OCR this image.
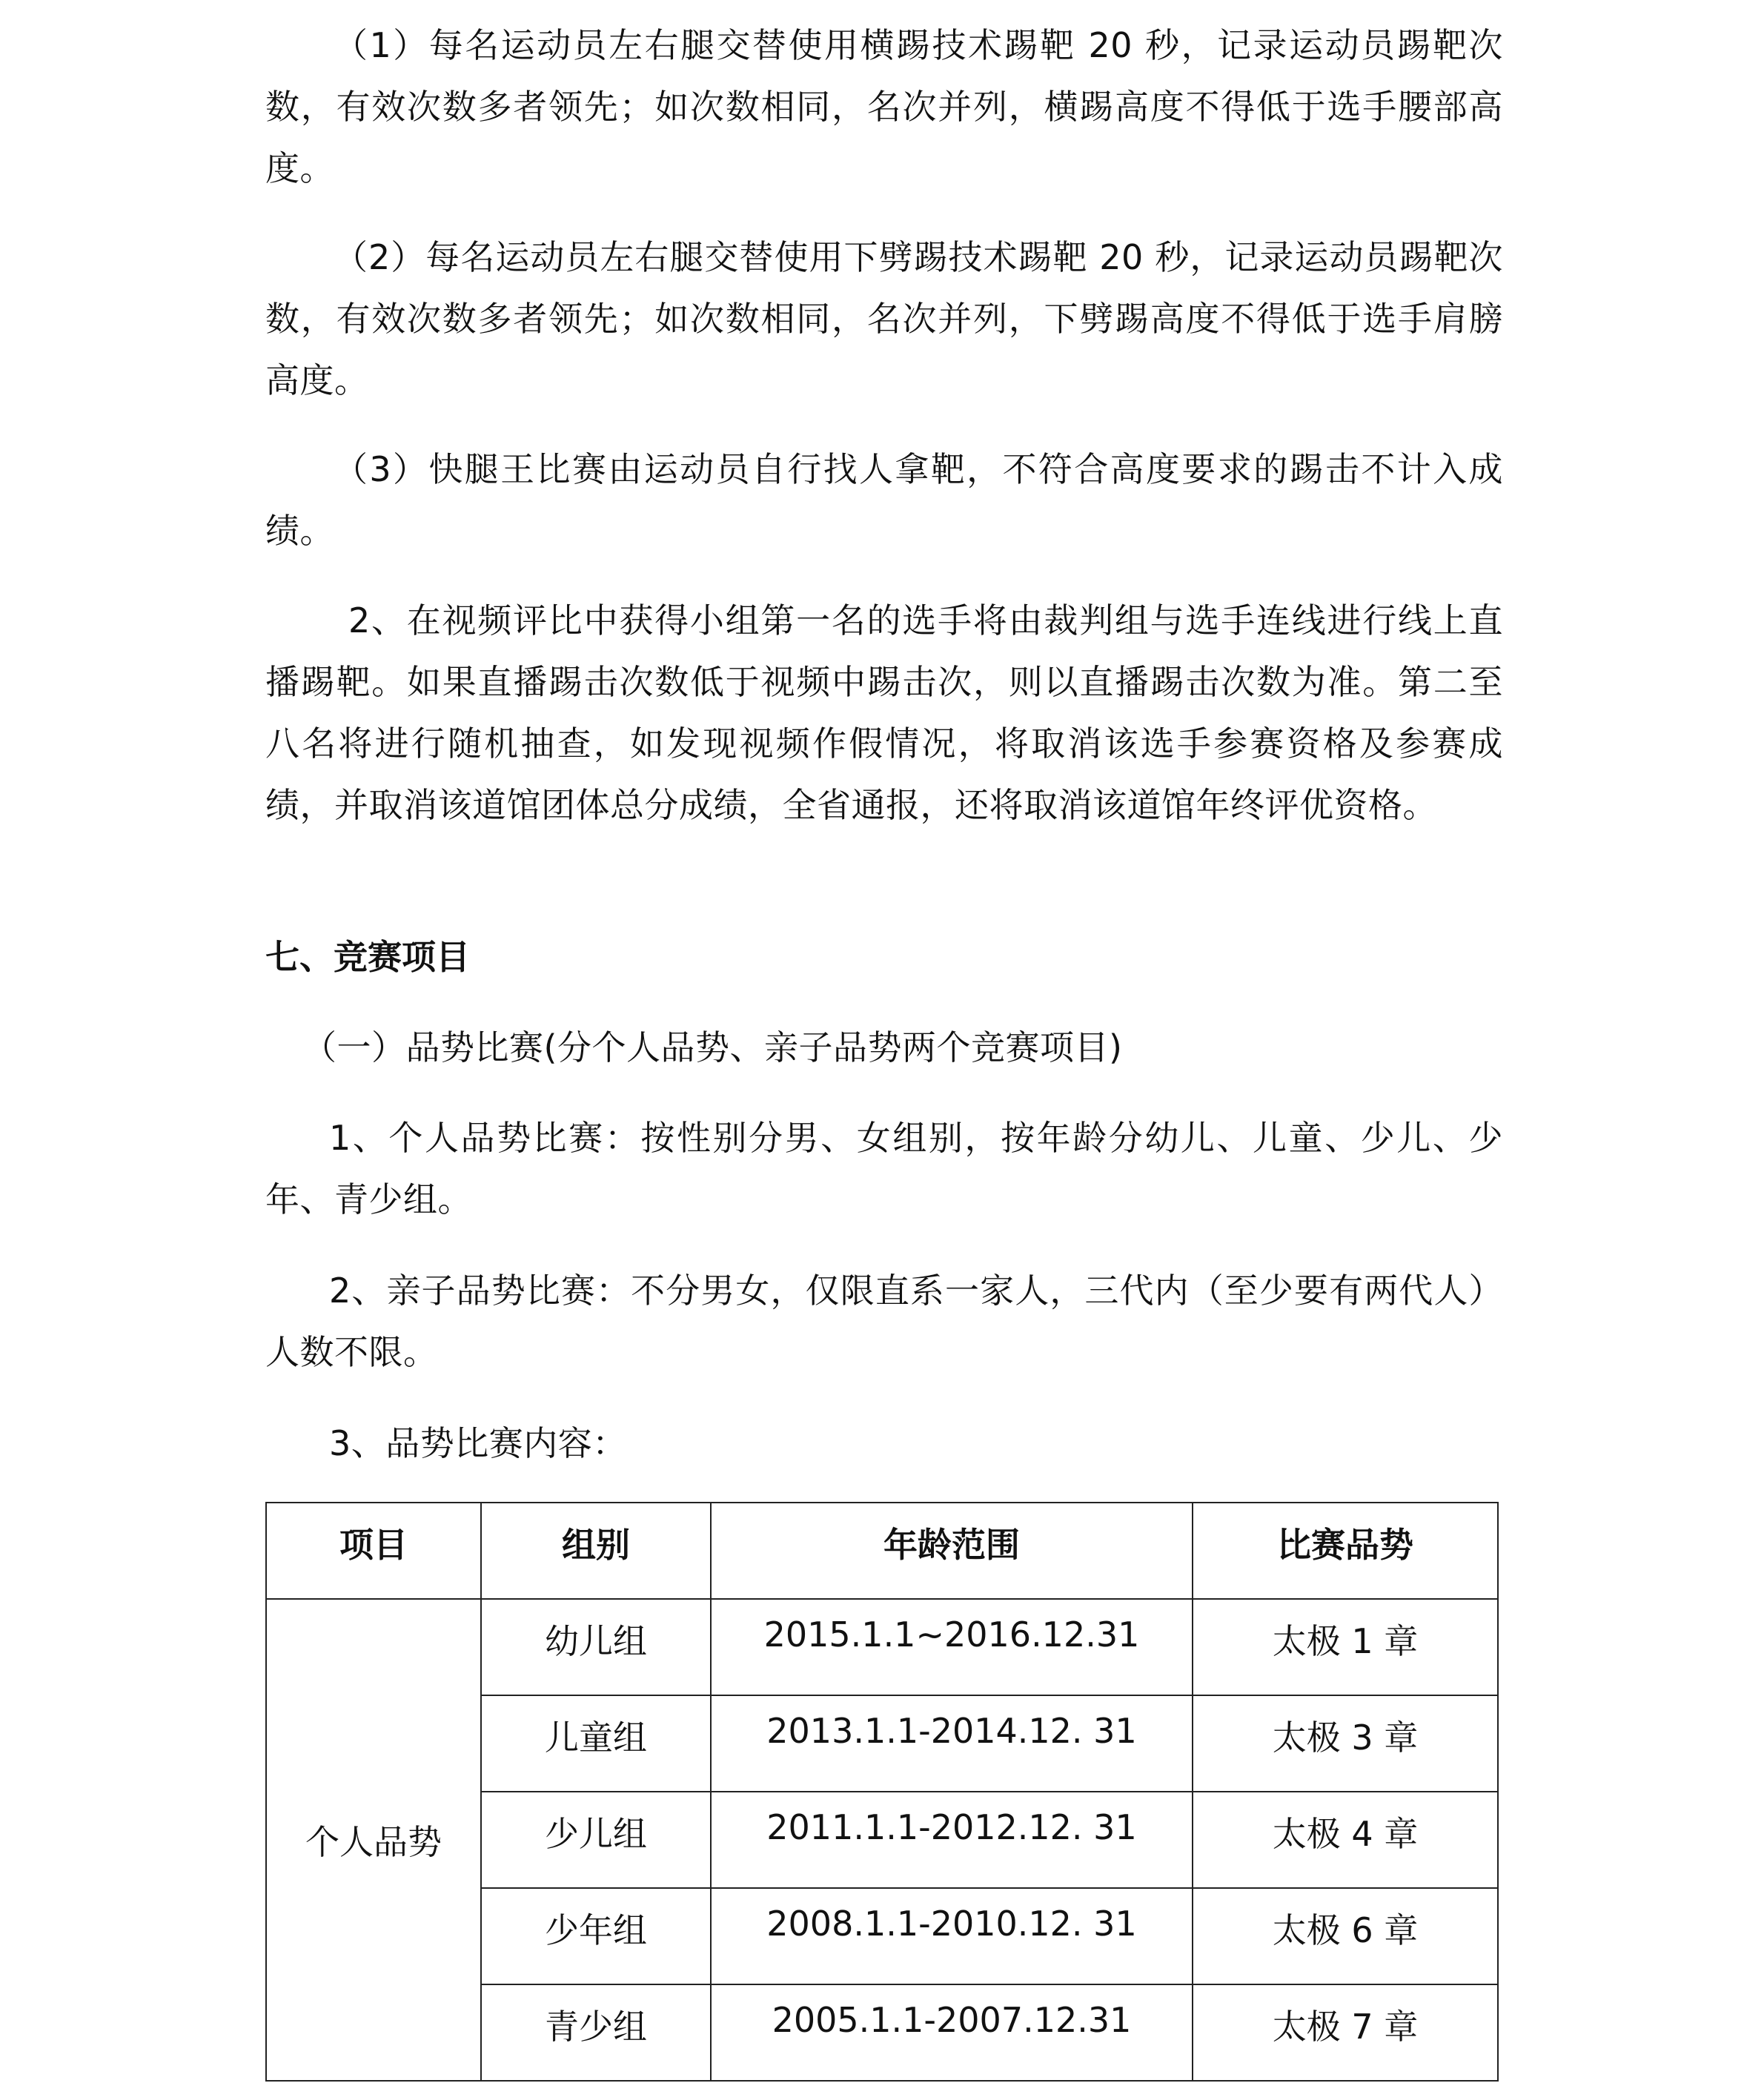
（1）每名运动员左右腿交替使用横踢技术踢靶 20 秒，记录运动员踢靶次数，有效次数多者领先；如次数相同，名次并列，横踢高度不得低于选手腰部高度。

（2）每名运动员左右腿交替使用下劈踢技术踢靶 20 秒，记录运动员踢靶次数，有效次数多者领先；如次数相同，名次并列，下劈踢高度不得低于选手肩膀高度。

（3）快腿王比赛由运动员自行找人拿靶，不符合高度要求的踢击不计入成绩。

2、在视频评比中获得小组第一名的选手将由裁判组与选手连线进行线上直播踢靶。如果直播踢击次数低于视频中踢击次，则以直播踢击次数为准。第二至八名将进行随机抽查，如发现视频作假情况，将取消该选手参赛资格及参赛成绩，并取消该道馆团体总分成绩，全省通报，还将取消该道馆年终评优资格。

七、竞赛项目

（一）品势比赛(分个人品势、亲子品势两个竞赛项目)

1、个人品势比赛：按性别分男、女组别，按年龄分幼儿、儿童、少儿、少年、青少组。

2、亲子品势比赛：不分男女，仅限直系一家人，三代内（至少要有两代人）人数不限。

3、品势比赛内容：

项目	组别	年龄范围	比赛品势
个人品势	幼儿组	2015.1.1~2016.12.31	太极 1 章
	儿童组	2013.1.1-2014.12. 31	太极 3 章
	少儿组	2011.1.1-2012.12. 31	太极 4 章
	少年组	2008.1.1-2010.12. 31	太极 6 章
	青少组	2005.1.1-2007.12.31	太极 7 章
